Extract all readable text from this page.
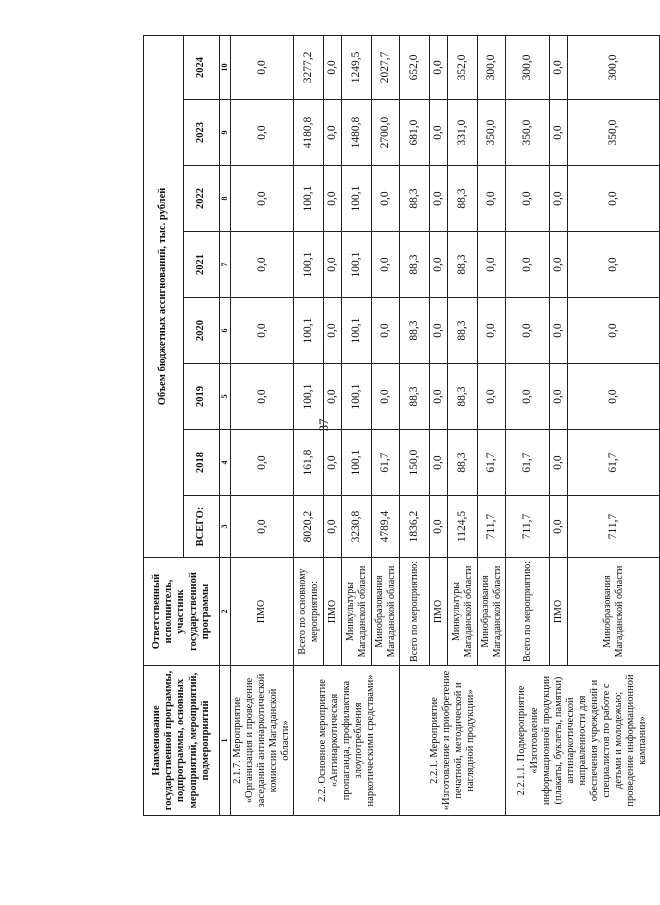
37
Наименование государственной программы, подпрограммы, основных мероприятий, мероприятий, подмероприятий	Ответственный исполнитель, участник государственной программы	Объем бюджетных ассигнований, тыс. рублей							
		ВСЕГО:	2018	2019	2020	2021	2022	2023	2024
1	2	3	4	5	6	7	8	9	10
2.1.7. Мероприятие «Организация и проведение заседаний антинаркотической комиссии Магаданской области»	ПМО	0,0	0,0	0,0	0,0	0,0	0,0	0,0	0,0
2.2. Основное мероприятие «Антинаркотическая пропаганда, профилактика злоупотребления наркотическими средствами»	Всего по основному мероприятию:	8020,2	161,8	100,1	100,1	100,1	100,1	4180,8	3277,2
	ПМО	0,0	0,0	0,0	0,0	0,0	0,0	0,0	0,0
	Минкультуры Магаданской области	3230,8	100,1	100,1	100,1	100,1	100,1	1480,8	1249,5
	Минобразования Магаданской области	4789,4	61,7	0,0	0,0	0,0	0,0	2700,0	2027,7
2.2.1. Мероприятие «Изготовление и приобретение печатной, методической и наглядной продукции»	Всего по мероприятию:	1836,2	150,0	88,3	88,3	88,3	88,3	681,0	652,0
	ПМО	0,0	0,0	0,0	0,0	0,0	0,0	0,0	0,0
	Минкультуры Магаданской области	1124,5	88,3	88,3	88,3	88,3	88,3	331,0	352,0
	Минобразования Магаданской области	711,7	61,7	0,0	0,0	0,0	0,0	350,0	300,0
2.2.1.1. Подмероприятие «Изготовление информационной продукции (плакаты, буклеты, памятки) антинаркотической направленности для обеспечения учреждений и специалистов по работе с детьми и молодежью; проведение информационной кампании»	Всего по мероприятию:	711,7	61,7	0,0	0,0	0,0	0,0	350,0	300,0
	ПМО	0,0	0,0	0,0	0,0	0,0	0,0	0,0	0,0
	Минобразования Магаданской области	711,7	61,7	0,0	0,0	0,0	0,0	350,0	300,0
